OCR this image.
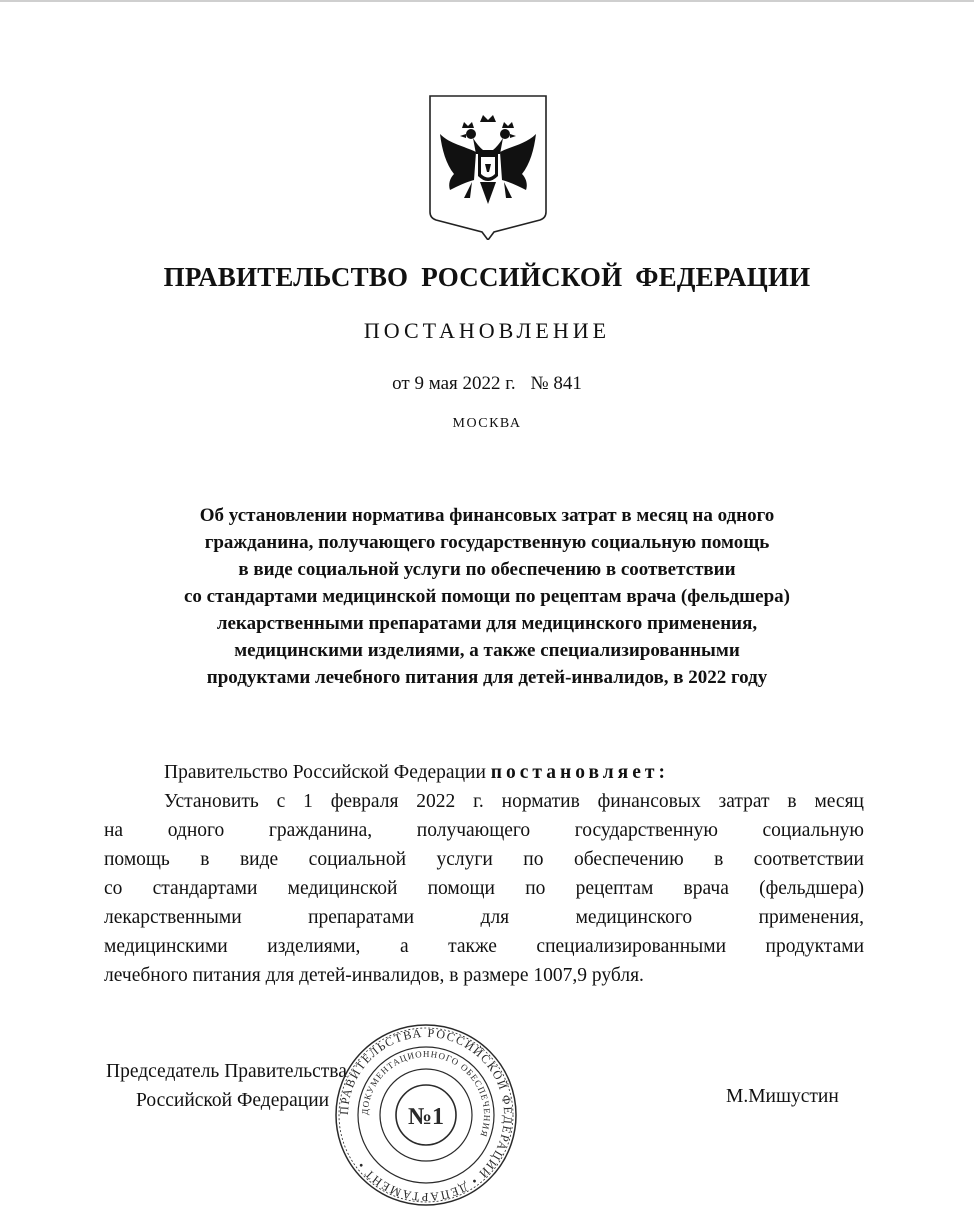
ПРАВИТЕЛЬСТВО РОССИЙСКОЙ ФЕДЕРАЦИИ
ПОСТАНОВЛЕНИЕ
от 9 мая 2022 г. № 841
МОСКВА
Об установлении норматива финансовых затрат в месяц на одного
гражданина, получающего государственную социальную помощь
в виде социальной услуги по обеспечению в соответствии
со стандартами медицинской помощи по рецептам врача (фельдшера)
лекарственными препаратами для медицинского применения,
медицинскими изделиями, а также специализированными
продуктами лечебного питания для детей-инвалидов, в 2022 году
Правительство Российской Федерации постановляет:
Установить с 1 февраля 2022 г. норматив финансовых затрат в месяц
на одного гражданина, получающего государственную социальную
помощь в виде социальной услуги по обеспечению в соответствии
со стандартами медицинской помощи по рецептам врача (фельдшера)
лекарственными препаратами для медицинского применения,
медицинскими изделиями, а также специализированными продуктами
лечебного питания для детей-инвалидов, в размере 1007,9 рубля.
Председатель Правительства
Российской Федерации	М.Мишустин
ПРАВИТЕЛЬСТВА РОССИЙСКОЙ ФЕДЕРАЦИИ • ДЕПАРТАМЕНТ •
ДОКУМЕНТАЦИОННОГО ОБЕСПЕЧЕНИЯ
№1
